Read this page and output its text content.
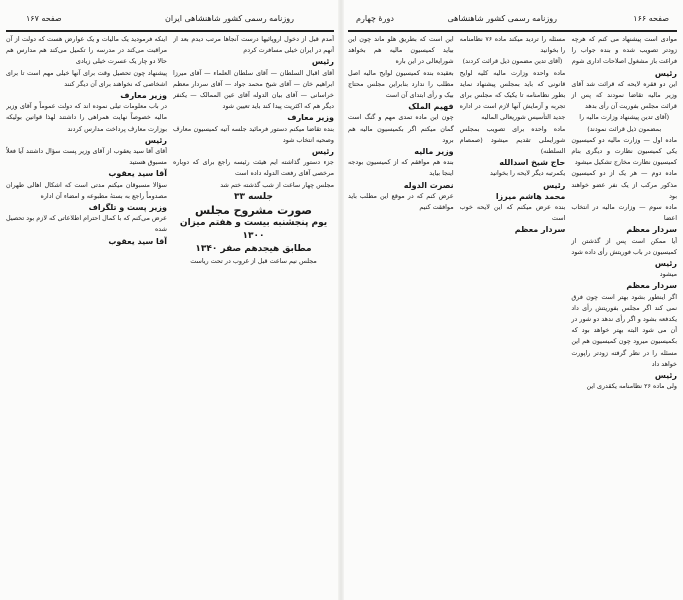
روزنامه رسمی کشور شاهنشاهی ایران
صفحه ۱۶۷

آمدم قبل از دخول اروپائیها درست آنجاها مرتب دیدم بعد از آنهم در ایران خیلی مسافرت کردم

رئیس

آقای اقبال السلطان — آقای سلطان العلماء — آقای میرزا ابراهیم خان — آقای شیخ محمد جواد — آقای سردار معظم خراسانی — آقای بیان الدوله آقای عین الممالک — یکنفر دیگر هم که اکثریت پیدا کند باید تعیین شود

وزیر معارف

بنده تقاضا میکنم دستور فرمائید جلسه آتیه کمیسیون معارف وصحیه انتخاب شود

رئیس

جزء دستور گذاشته ایم هیئت رئیسه راجع برای که دوباره مرخصی آقای رفعت الدوله داده است

مجلس چهار ساعت از شب گذشته ختم شد

جلسه ۳۳

صورت مشروح مجلس

یوم پنجشنبه بیست و هفتم میزان ۱۳۰۰

مطابق هیجدهم صفر ۱۳۴۰

مجلس نیم ساعت قبل از غروب در تحت ریاست

اینکه فرمودید یک مالیات و یک عوارض هست که دولت از آن مراقبت می‌کند در مدرسه را تکمیل می‌کند هم مدارس هم حالا دو چار یک عسرت خیلی زیادی

پیشنهاد چون تحصیل وقت برای آنها خیلی مهم است تا برای اشخاصی که نخواهند برای آن دیگر کنند

وزیر معارف

در باب معلومات تیلی نموده اند که دولت عموماً و آقای وزیر مالیه خصوصاً نهایت همراهی را داشتند لهذا قوانین بولیکه بوزارت معارف پرداخت مدارس کردند

رئیس

آقای آقا سید یعقوب از آقای وزیر پست سؤال داشتند آیا فعلاً مسبوق هستید

آقا سید یعقوب

سؤالا مسبوقان میکنم مدتی است که اشکال اهالی طهران مصدوماً راجع به بستهٔ مطبوعه و امضاء آن اداره

وزیر پست و تلگراف

عرض می‌کنم که با کمال احترام اطلاعاتی که لازم بود تحصیل شده

آقا سید یعقوب

صفحه ۱۶۶
روزنامه رسمی کشور شاهنشاهی
دورهٔ چهارم

موادی است پیشنهاد می کنم که هرچه زودتر تصویب شده و بنده جواب را فراغت باز مشغول اصلاحات اداری شوم

رئیس

این دو فقره لایحه که قرائت شد آقای وزیر مالیه تقاضا نمودند که پس از قرائت مجلس بفوریت آن رأی بدهد

(آقای تدین پیشنهاد وزارت مالیه را بمضمون ذیل قرائت نمودند)

ماده اول — وزارت مالیه دو کمیسیون یکی کمیسیون نظارت و دیگری بنام کمیسیون نظارت مخارج تشکیل میشود

ماده دوم — هر یک از دو کمیسیون مذکور مرکب از یک نفر عضو خواهند بود

ماده سوم — وزارت مالیه در انتخاب اعضا

سردار معظم

آیا ممکن است پس از گذشتن از کمیسیون در باب فوریتش رأی داده شود

رئیس

میشود

سردار معظم

اگر اینطور بشود بهتر است چون فرق نمی کند اگر مجلس بفوریتش رأی داد یکدفعه بشود و اگر رأی ندهد دو شور در آن می شود البته بهتر خواهد بود که بکمیسیون میرود چون کمیسیون هم این مسئله را در نظر گرفته زودتر راپورت خواهد داد

رئیس

ولی ماده ۲۶ نظامنامه یکقدری این

مسئله را تردید میکند ماده ۷۶ نظامنامه را بخوانید

(آقای تدین مضمون ذیل قرائت کردند)

ماده واحده وزارت مالیه کلیه لوایح قانونی که باید بمجلس پیشنهاد نماید بطور نظامنامه تا یکیک که مجلس برای تجربه و آزمایش آنها لازم است در اداره جدید التأسیس شوریعالی المالیه

ماده واحده برای تصویب بمجلس شورایملی تقدیم میشود (صمصام السلطنه)

حاج شیخ اسدالله

یکمرتبه دیگر لایحه را بخوانید

رئیس

محمد هاشم میرزا

بنده عرض میکنم که این لایحه خوب است

سردار معظم

این است که بطریق هلو ماند چون این بیاید کمیسیون مالیه هم بخواهد شورایعالی در این باره

بعقیده بنده کمیسیون لوایح مالیه اصل مطلب را ندارد بنابراین مجلس محتاج بیک و رأی ابتدای آن است

فهیم الملک

چون این ماده تمدی مهم و گنگ است گمان میکنم اگر بکمیسیون مالیه هم برود

وزیر مالیه

بنده هم موافقم که از کمیسیون بودجه اینجا بیاید

نصرت الدوله

عرض کنم که در موقع این مطلب باید موافقت کنیم
